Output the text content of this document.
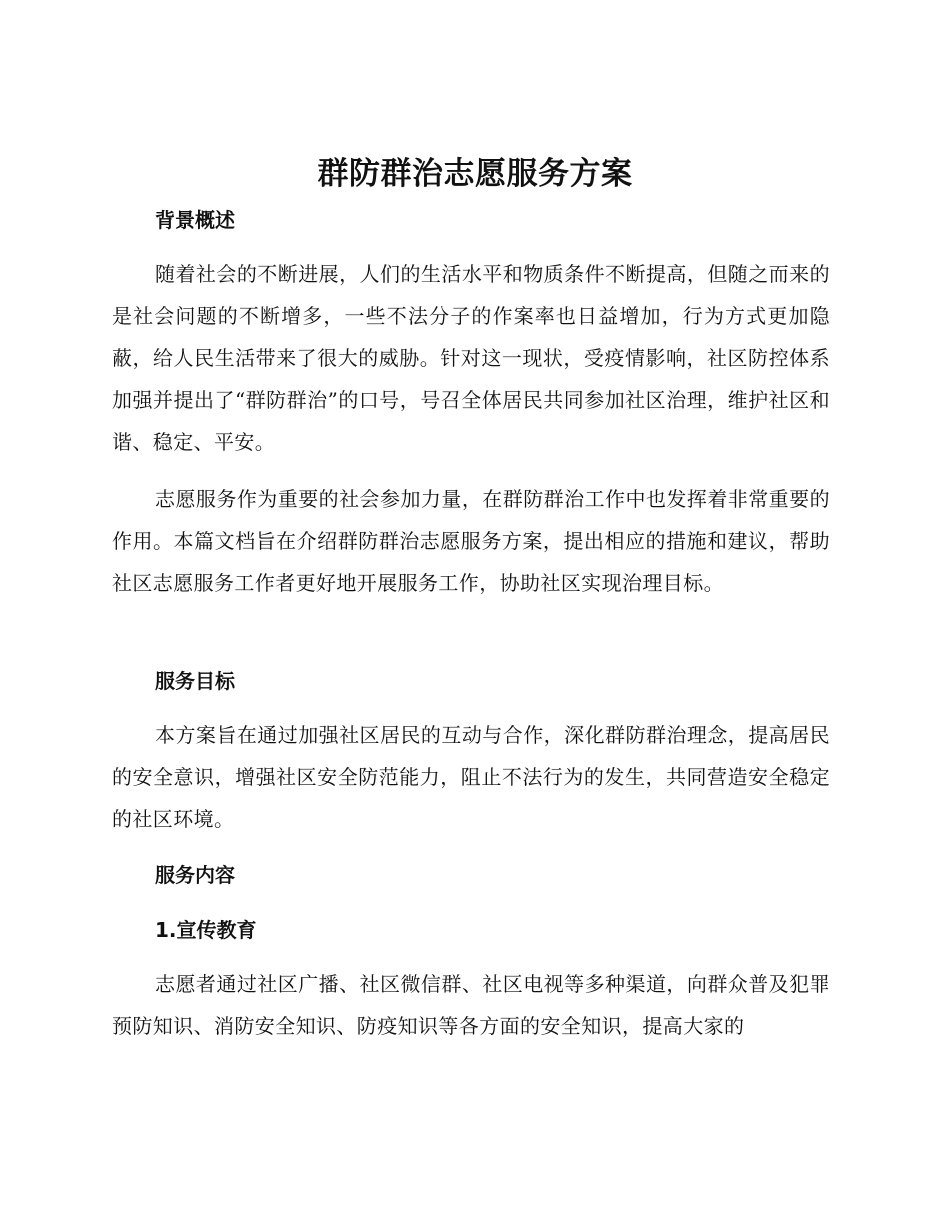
群防群治志愿服务方案
背景概述

随着社会的不断进展，人们的生活水平和物质条件不断提高，但随之而来的是社会问题的不断增多，一些不法分子的作案率也日益增加，行为方式更加隐蔽，给人民生活带来了很大的威胁。针对这一现状，受疫情影响，社区防控体系加强并提出了“群防群治”的口号，号召全体居民共同参加社区治理，维护社区和谐、稳定、平安。

志愿服务作为重要的社会参加力量，在群防群治工作中也发挥着非常重要的作用。本篇文档旨在介绍群防群治志愿服务方案，提出相应的措施和建议，帮助社区志愿服务工作者更好地开展服务工作，协助社区实现治理目标。

服务目标

本方案旨在通过加强社区居民的互动与合作，深化群防群治理念，提高居民的安全意识，增强社区安全防范能力，阻止不法行为的发生，共同营造安全稳定的社区环境。

服务内容
1.宣传教育

志愿者通过社区广播、社区微信群、社区电视等多种渠道，向群众普及犯罪预防知识、消防安全知识、防疫知识等各方面的安全知识，提高大家的
